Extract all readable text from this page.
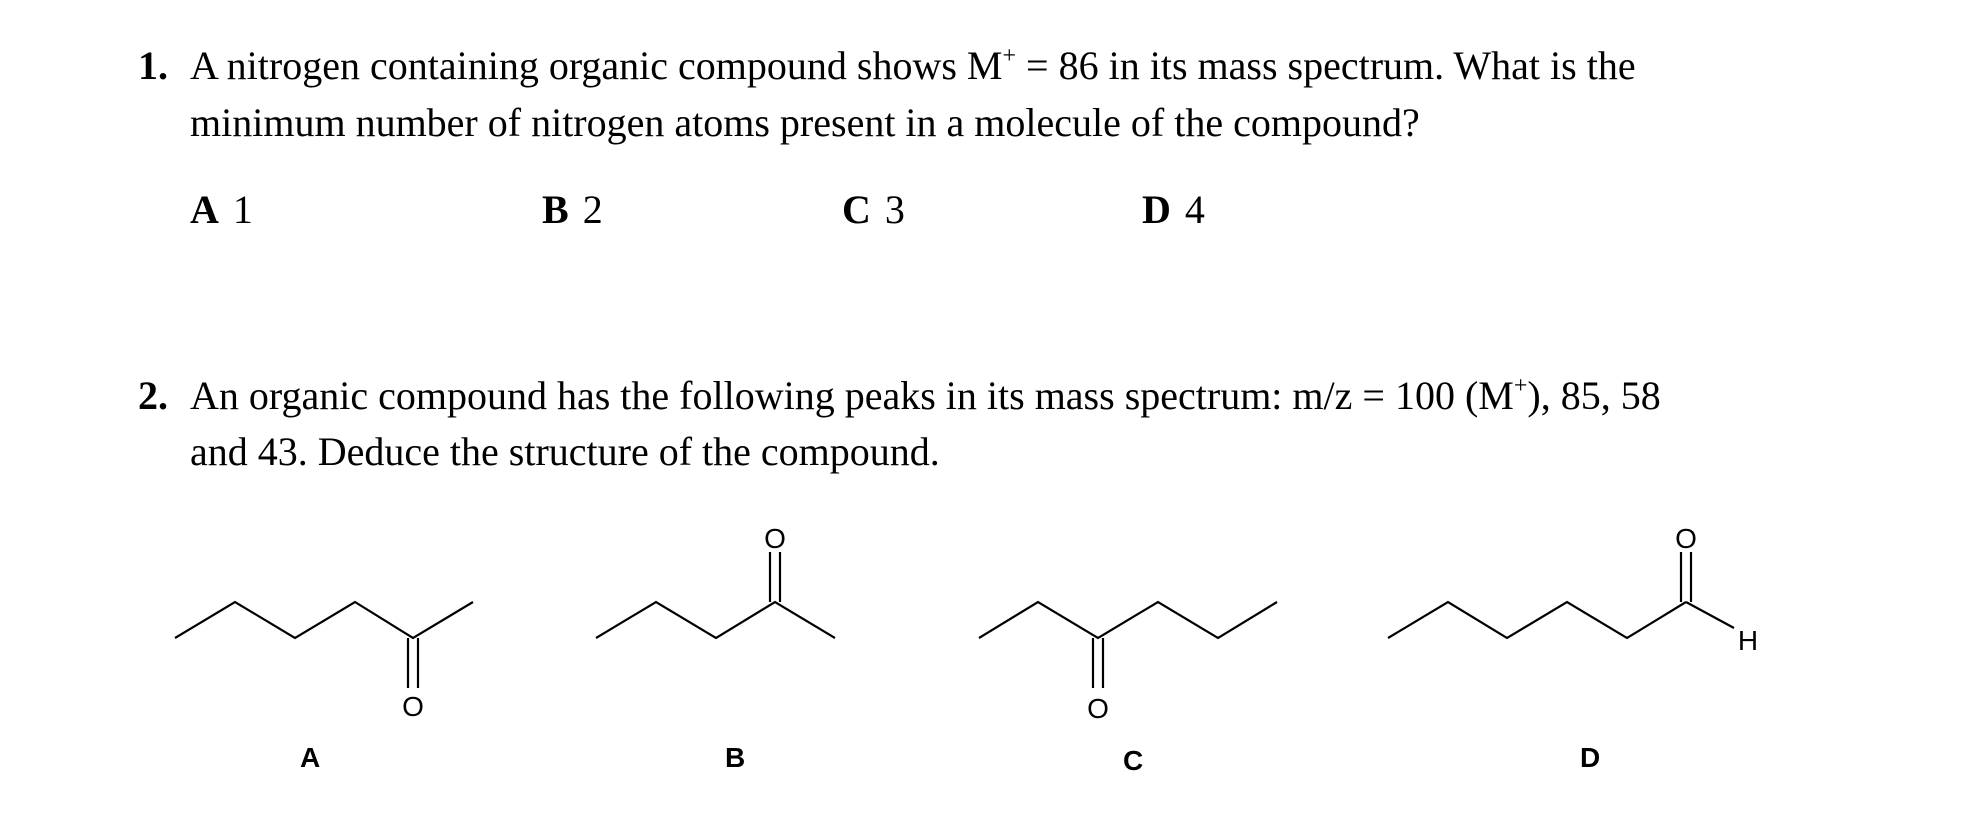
1. A nitrogen containing organic compound shows M+ = 86 in its mass spectrum. What is the
minimum number of nitrogen atoms present in a molecule of the compound?
A 1	B 2	C 3	D 4
2. An organic compound has the following peaks in its mass spectrum: m/z = 100 (M+), 85, 58
and 43. Deduce the structure of the compound.
O
A
O
B
O
C
O
H
D
